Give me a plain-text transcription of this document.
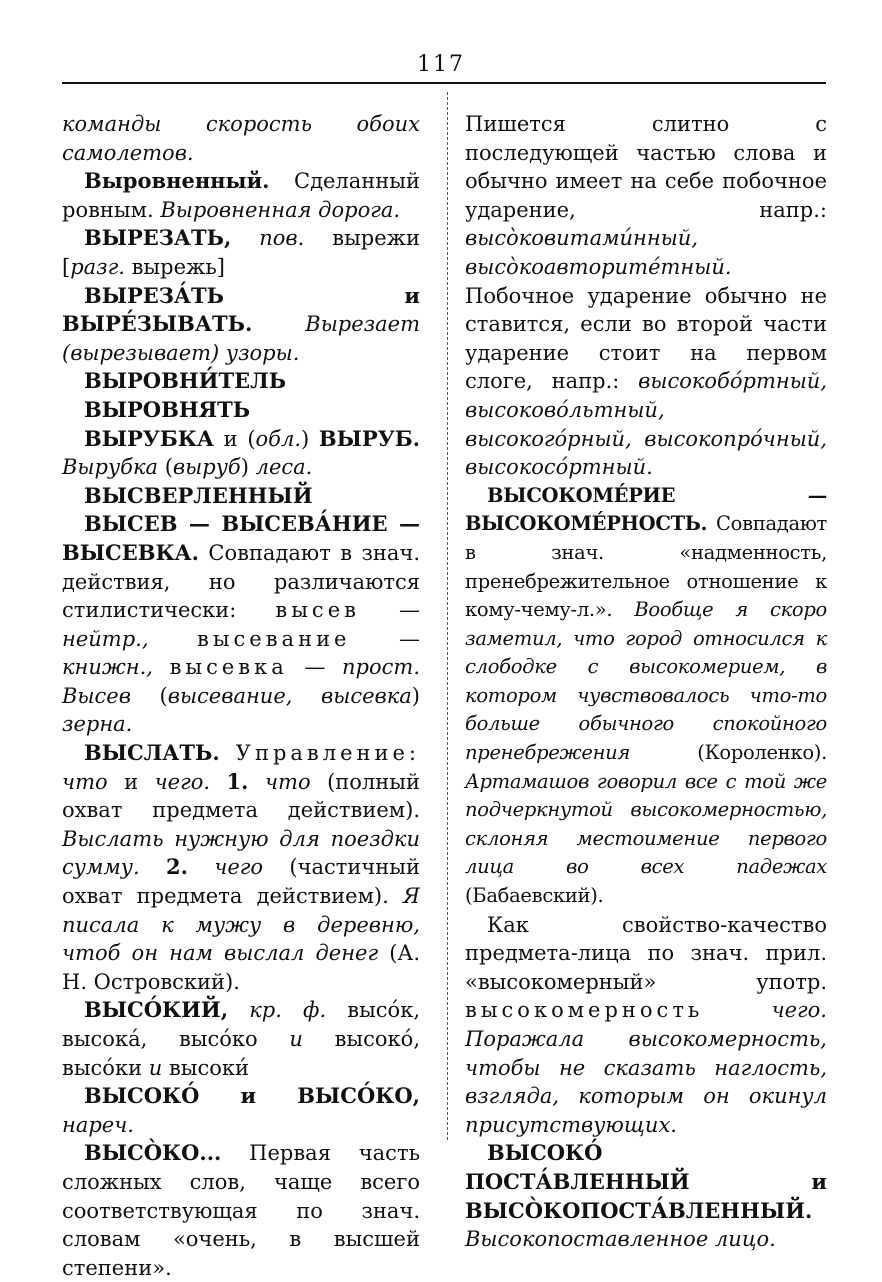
117

команды скорость обоих самолетов.

Выровненный. Сделанный ровным. Выровненная дорога.

ВЫРЕЗАТЬ, пов. вырежи [разг. вырежь]

ВЫРЕЗА́ТЬ и ВЫРЕ́ЗЫВАТЬ.	Вырезает (вырезывает) узоры.

ВЫРОВНИ́ТЕЛЬ

ВЫРОВНЯТЬ

ВЫРУБКА и (обл.) ВЫРУБ. Вырубка (выруб) леса.

ВЫСВЕРЛЕННЫЙ

ВЫСЕВ — ВЫСЕВА́НИЕ — ВЫСЕВКА. Совпадают в знач. действия, но различаются стилистически: высев — нейтр., высевание — книжн., высевка — прост. Высев (высевание, высевка) зерна.

ВЫСЛАТЬ. Управление: что и чего. 1. что (полный охват предмета действием). Выслать нужную для поездки сумму. 2. чего (частичный охват предмета действием). Я писала к мужу в деревню, чтоб он нам выслал денег (А. Н. Островский).

ВЫСО́КИЙ, кр. ф. высо́к, высока́, высо́ко и высоко́, высо́ки и высоки́

ВЫСОКО́ и ВЫСО́КО, нареч.

ВЫСО̀КО... Первая часть сложных слов, чаще всего соответствующая по знач. словам «очень, в высшей степени».

Пишется слитно с последующей частью слова и обычно имеет на себе побочное ударение, напр.: высо̀ковитами́нный, высо̀коавторите́тный. Побочное ударение обычно не ставится, если во второй части ударение стоит на первом слоге, напр.: высокобо́ртный, высоково́льтный, высокого́рный, высокопро́чный, высокосо́ртный.

ВЫСОКОМЕ́РИЕ — ВЫСОКОМЕ́РНОСТЬ. Совпадают в знач. «надменность, пренебрежительное отношение к кому-чему-л.». Вообще я скоро заметил, что город относился к слободке с высокомерием, в котором чувствовалось что-то больше обычного спокойного пренебрежения (Короленко). Артамашов говорил все с той же подчеркнутой высокомерностью, склоняя местоимение первого лица во всех падежах (Бабаевский).

Как свойство-качество предмета-лица по знач. прил. «высокомерный» употр. высокомерность	чего. Поражала высокомерность, чтобы не сказать наглость, взгляда, которым он окинул присутствующих.

ВЫСОКО́ ПОСТА́ВЛЕННЫЙ и ВЫСО̀КОПОСТА́ВЛЕННЫЙ. Высокопоставленное лицо.
